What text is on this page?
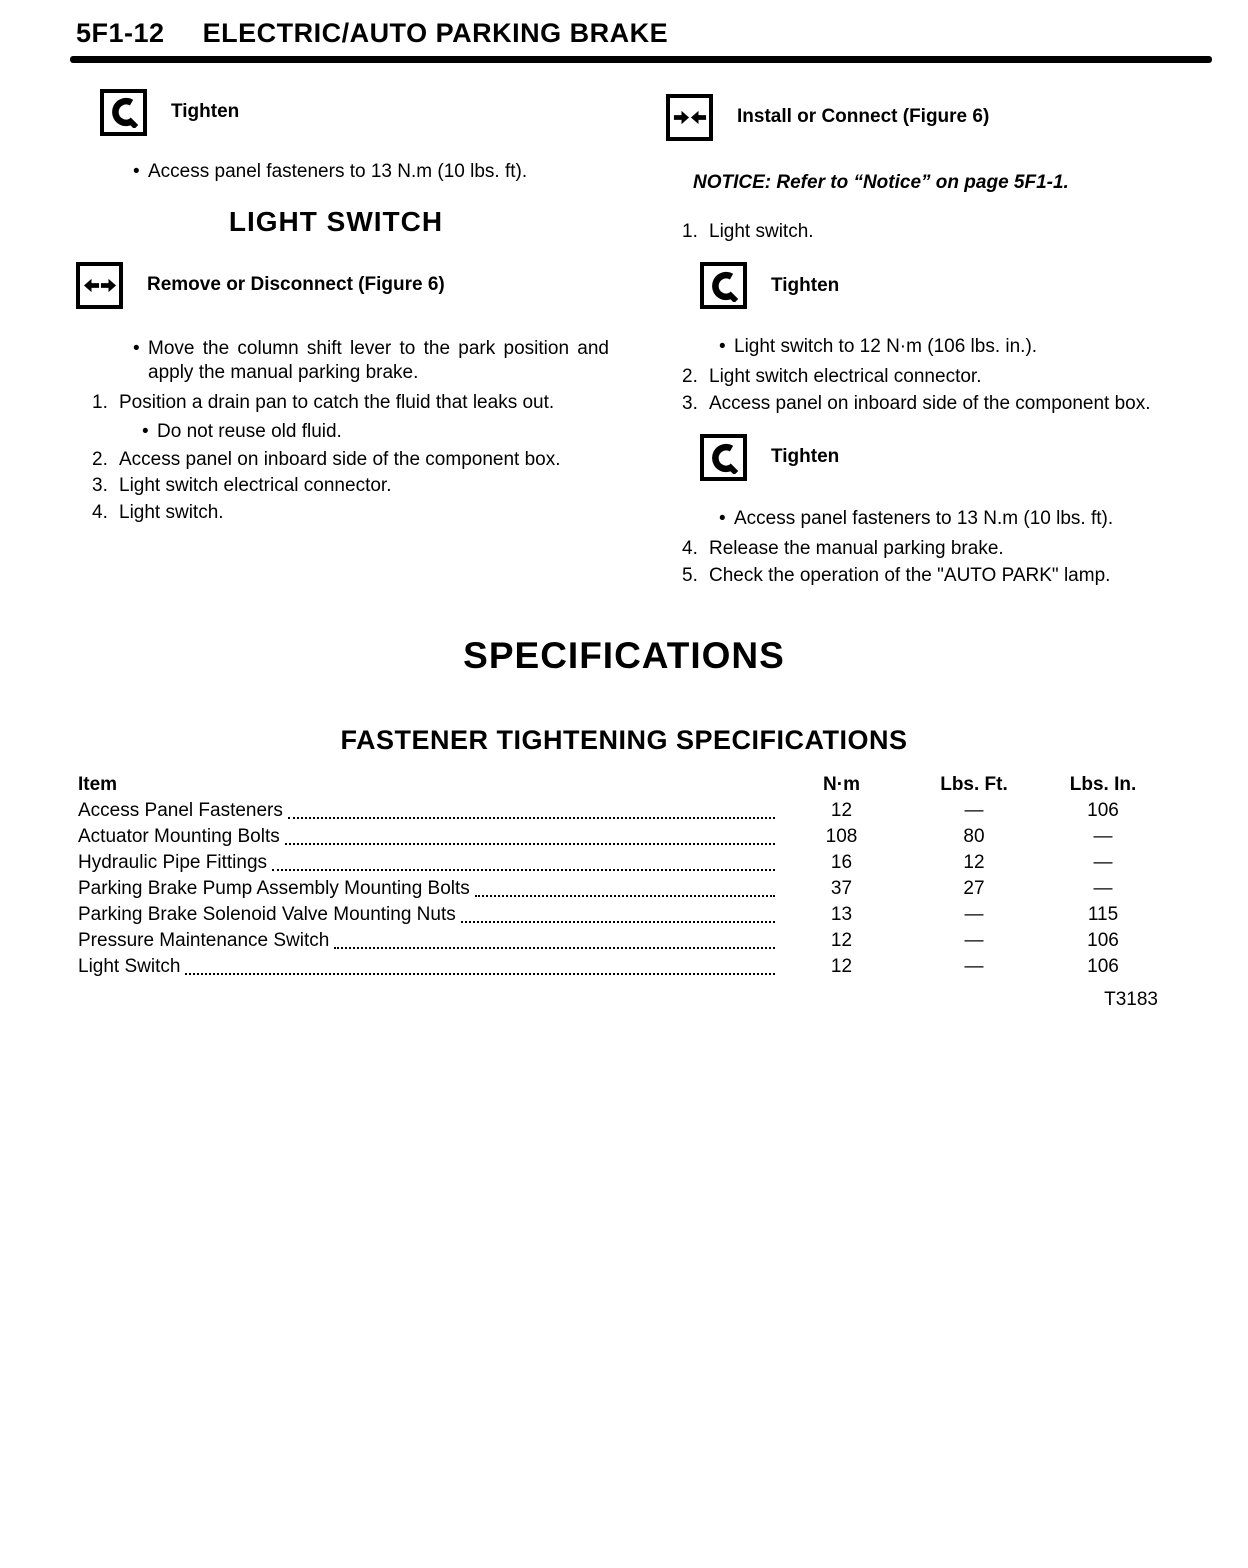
5F1-12 ELECTRIC/AUTO PARKING BRAKE
Tighten
• Access panel fasteners to 13 N.m (10 lbs. ft).
LIGHT SWITCH
Remove or Disconnect (Figure 6)
• Move the column shift lever to the park position and apply the manual parking brake.
1. Position a drain pan to catch the fluid that leaks out.
• Do not reuse old fluid.
2. Access panel on inboard side of the component box.
3. Light switch electrical connector.
4. Light switch.
Install or Connect (Figure 6)
NOTICE: Refer to “Notice” on page 5F1-1.
1. Light switch.
Tighten
• Light switch to 12 N·m (106 lbs. in.).
2. Light switch electrical connector.
3. Access panel on inboard side of the component box.
Tighten
• Access panel fasteners to 13 N.m (10 lbs. ft).
4. Release the manual parking brake.
5. Check the operation of the "AUTO PARK" lamp.
SPECIFICATIONS
FASTENER TIGHTENING SPECIFICATIONS
Item	N·m	Lbs. Ft.	Lbs. In.
Access Panel Fasteners	12	—	106
Actuator Mounting Bolts	108	80	—
Hydraulic Pipe Fittings	16	12	—
Parking Brake Pump Assembly Mounting Bolts	37	27	—
Parking Brake Solenoid Valve Mounting Nuts	13	—	115
Pressure Maintenance Switch	12	—	106
Light Switch	12	—	106
T3183
